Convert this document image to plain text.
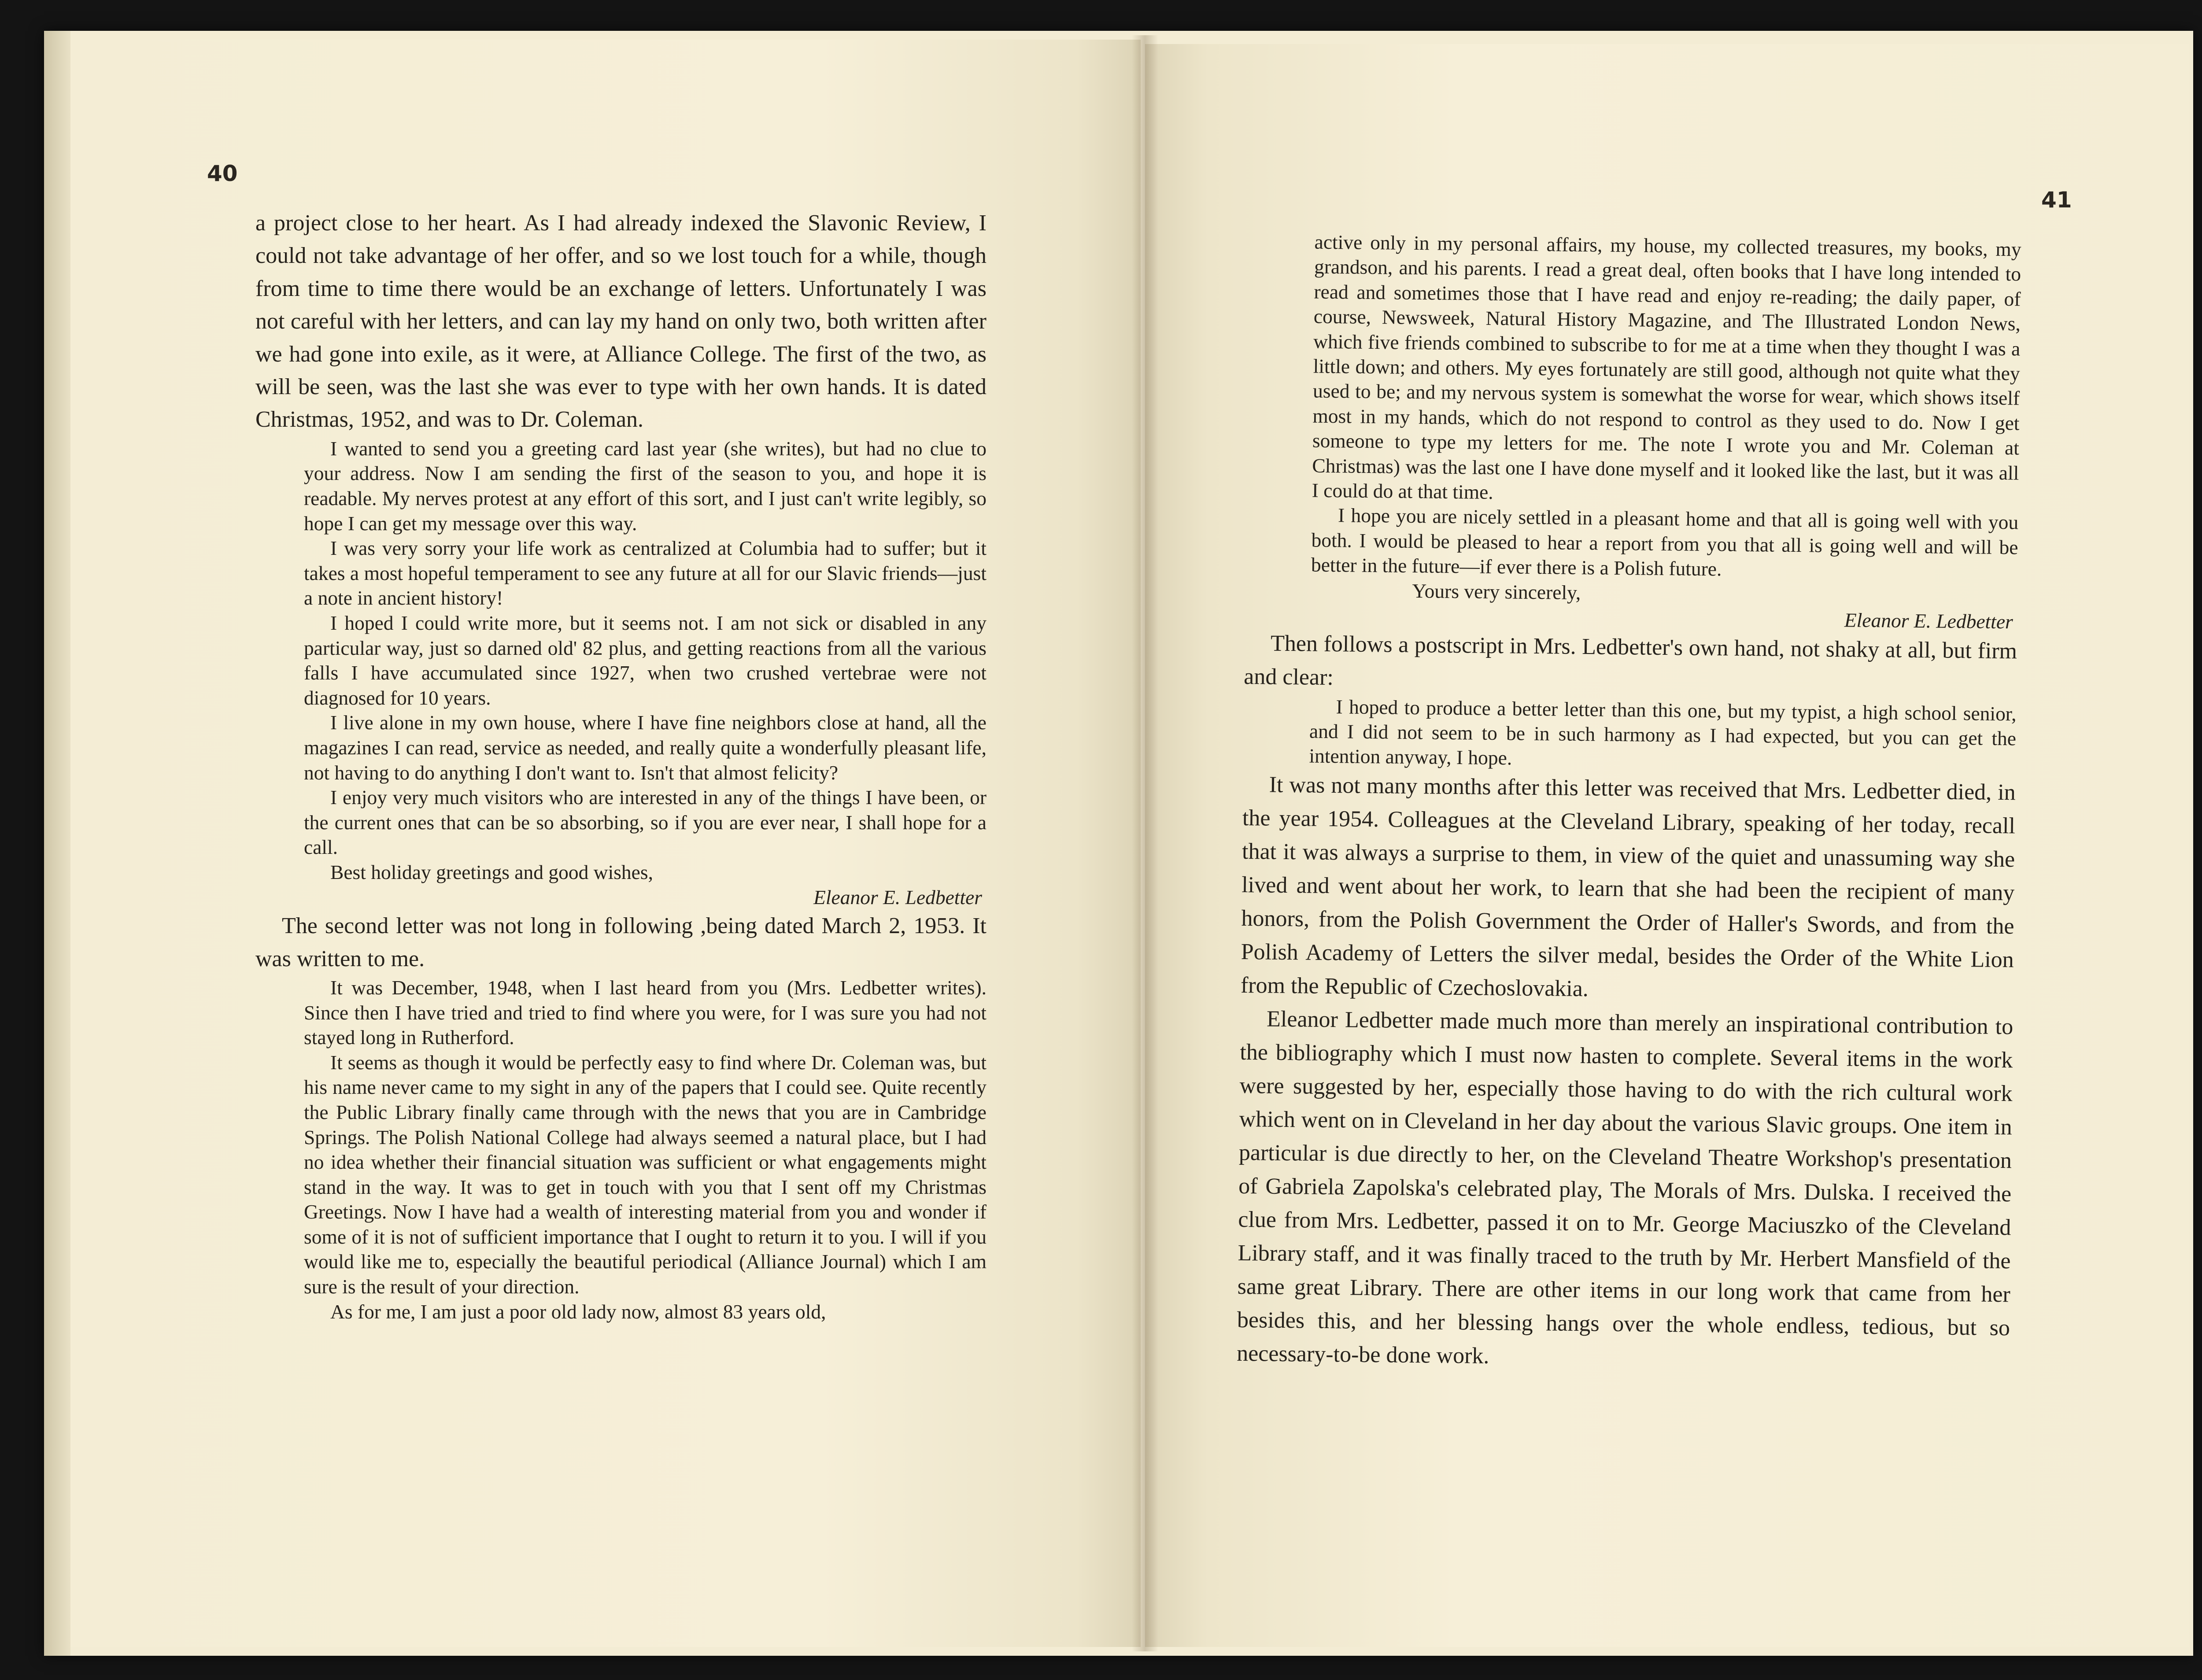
40

a project close to her heart. As I had already indexed the Slavonic Review, I could not take advantage of her offer, and so we lost touch for a while, though from time to time there would be an exchange of letters. Unfortunately I was not careful with her letters, and can lay my hand on only two, both written after we had gone into exile, as it were, at Alliance College. The first of the two, as will be seen, was the last she was ever to type with her own hands. It is dated Christmas, 1952, and was to Dr. Coleman.

I wanted to send you a greeting card last year (she writes), but had no clue to your address. Now I am sending the first of the season to you, and hope it is readable. My nerves protest at any effort of this sort, and I just can't write legibly, so hope I can get my message over this way.

I was very sorry your life work as centralized at Columbia had to suffer; but it takes a most hopeful temperament to see any future at all for our Slavic friends—just a note in ancient history!

I hoped I could write more, but it seems not. I am not sick or disabled in any particular way, just so darned old' 82 plus, and getting reactions from all the various falls I have accumulated since 1927, when two crushed vertebrae were not diagnosed for 10 years.

I live alone in my own house, where I have fine neighbors close at hand, all the magazines I can read, service as needed, and really quite a wonderfully pleasant life, not having to do anything I don't want to. Isn't that almost felicity?

I enjoy very much visitors who are interested in any of the things I have been, or the current ones that can be so absorbing, so if you are ever near, I shall hope for a call.

Best holiday greetings and good wishes,

Eleanor E. Ledbetter

The second letter was not long in following ,being dated March 2, 1953. It was written to me.

It was December, 1948, when I last heard from you (Mrs. Ledbetter writes). Since then I have tried and tried to find where you were, for I was sure you had not stayed long in Rutherford.

It seems as though it would be perfectly easy to find where Dr. Coleman was, but his name never came to my sight in any of the papers that I could see. Quite recently the Public Library finally came through with the news that you are in Cambridge Springs. The Polish National College had always seemed a natural place, but I had no idea whether their financial situation was sufficient or what engagements might stand in the way. It was to get in touch with you that I sent off my Christmas Greetings. Now I have had a wealth of interesting material from you and wonder if some of it is not of sufficient importance that I ought to return it to you. I will if you would like me to, especially the beautiful periodical (Alliance Journal) which I am sure is the result of your direction.

As for me, I am just a poor old lady now, almost 83 years old,

41

active only in my personal affairs, my house, my collected treasures, my books, my grandson, and his parents. I read a great deal, often books that I have long intended to read and sometimes those that I have read and enjoy re-reading; the daily paper, of course, Newsweek, Natural History Magazine, and The Illustrated London News, which five friends combined to subscribe to for me at a time when they thought I was a little down; and others. My eyes fortunately are still good, although not quite what they used to be; and my nervous system is somewhat the worse for wear, which shows itself most in my hands, which do not respond to control as they used to do. Now I get someone to type my letters for me. The note I wrote you and Mr. Coleman at Christmas) was the last one I have done myself and it looked like the last, but it was all I could do at that time.

I hope you are nicely settled in a pleasant home and that all is going well with you both. I would be pleased to hear a report from you that all is going well and will be better in the future—if ever there is a Polish future.

Yours very sincerely,

Eleanor E. Ledbetter

Then follows a postscript in Mrs. Ledbetter's own hand, not shaky at all, but firm and clear:

I hoped to produce a better letter than this one, but my typist, a high school senior, and I did not seem to be in such harmony as I had expected, but you can get the intention anyway, I hope.

It was not many months after this letter was received that Mrs. Ledbetter died, in the year 1954. Colleagues at the Cleveland Library, speaking of her today, recall that it was always a surprise to them, in view of the quiet and unassuming way she lived and went about her work, to learn that she had been the recipient of many honors, from the Polish Government the Order of Haller's Swords, and from the Polish Academy of Letters the silver medal, besides the Order of the White Lion from the Republic of Czechoslovakia.

Eleanor Ledbetter made much more than merely an inspirational contribution to the bibliography which I must now hasten to complete. Several items in the work were suggested by her, especially those having to do with the rich cultural work which went on in Cleveland in her day about the various Slavic groups. One item in particular is due directly to her, on the Cleveland Theatre Workshop's presentation of Gabriela Zapolska's celebrated play, The Morals of Mrs. Dulska. I received the clue from Mrs. Ledbetter, passed it on to Mr. George Maciuszko of the Cleveland Library staff, and it was finally traced to the truth by Mr. Herbert Mansfield of the same great Library. There are other items in our long work that came from her besides this, and her blessing hangs over the whole endless, tedious, but so necessary-to-be done work.
